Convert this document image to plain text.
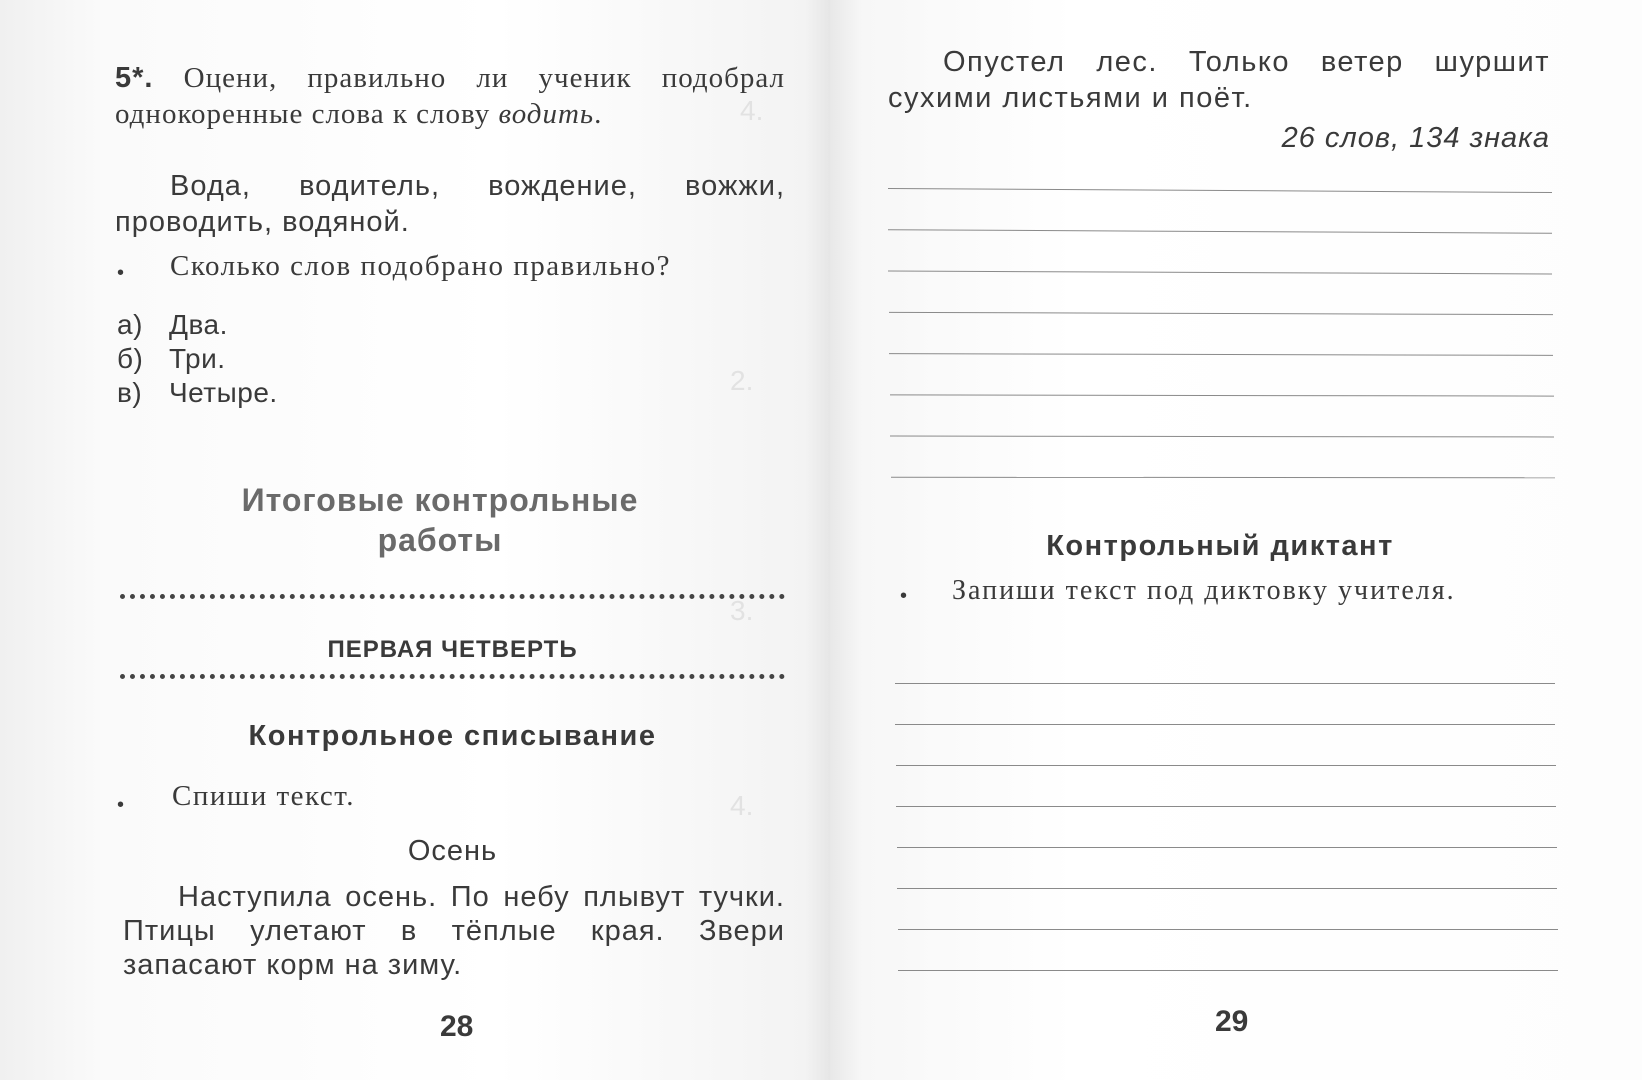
4.
2.
3.
4.
5*. Оцени, правильно ли ученик подобрал однокоренные слова к слову водить.
Вода, водитель, вождение, вожжи, проводить, водяной.
• Сколько слов подобрано правильно?
а) Два.
б) Три.
в) Четыре.
Итоговые контрольные работы
ПЕРВАЯ ЧЕТВЕРТЬ
Контрольное списывание
• Спиши текст.
Осень
Наступила осень. По небу плывут тучки. Птицы улетают в тёплые края. Звери запасают корм на зиму.
28
Опустел лес. Только ветер шуршит сухими листьями и поёт.
26 слов, 134 знака
Контрольный диктант
• Запиши текст под диктовку учителя.
29
